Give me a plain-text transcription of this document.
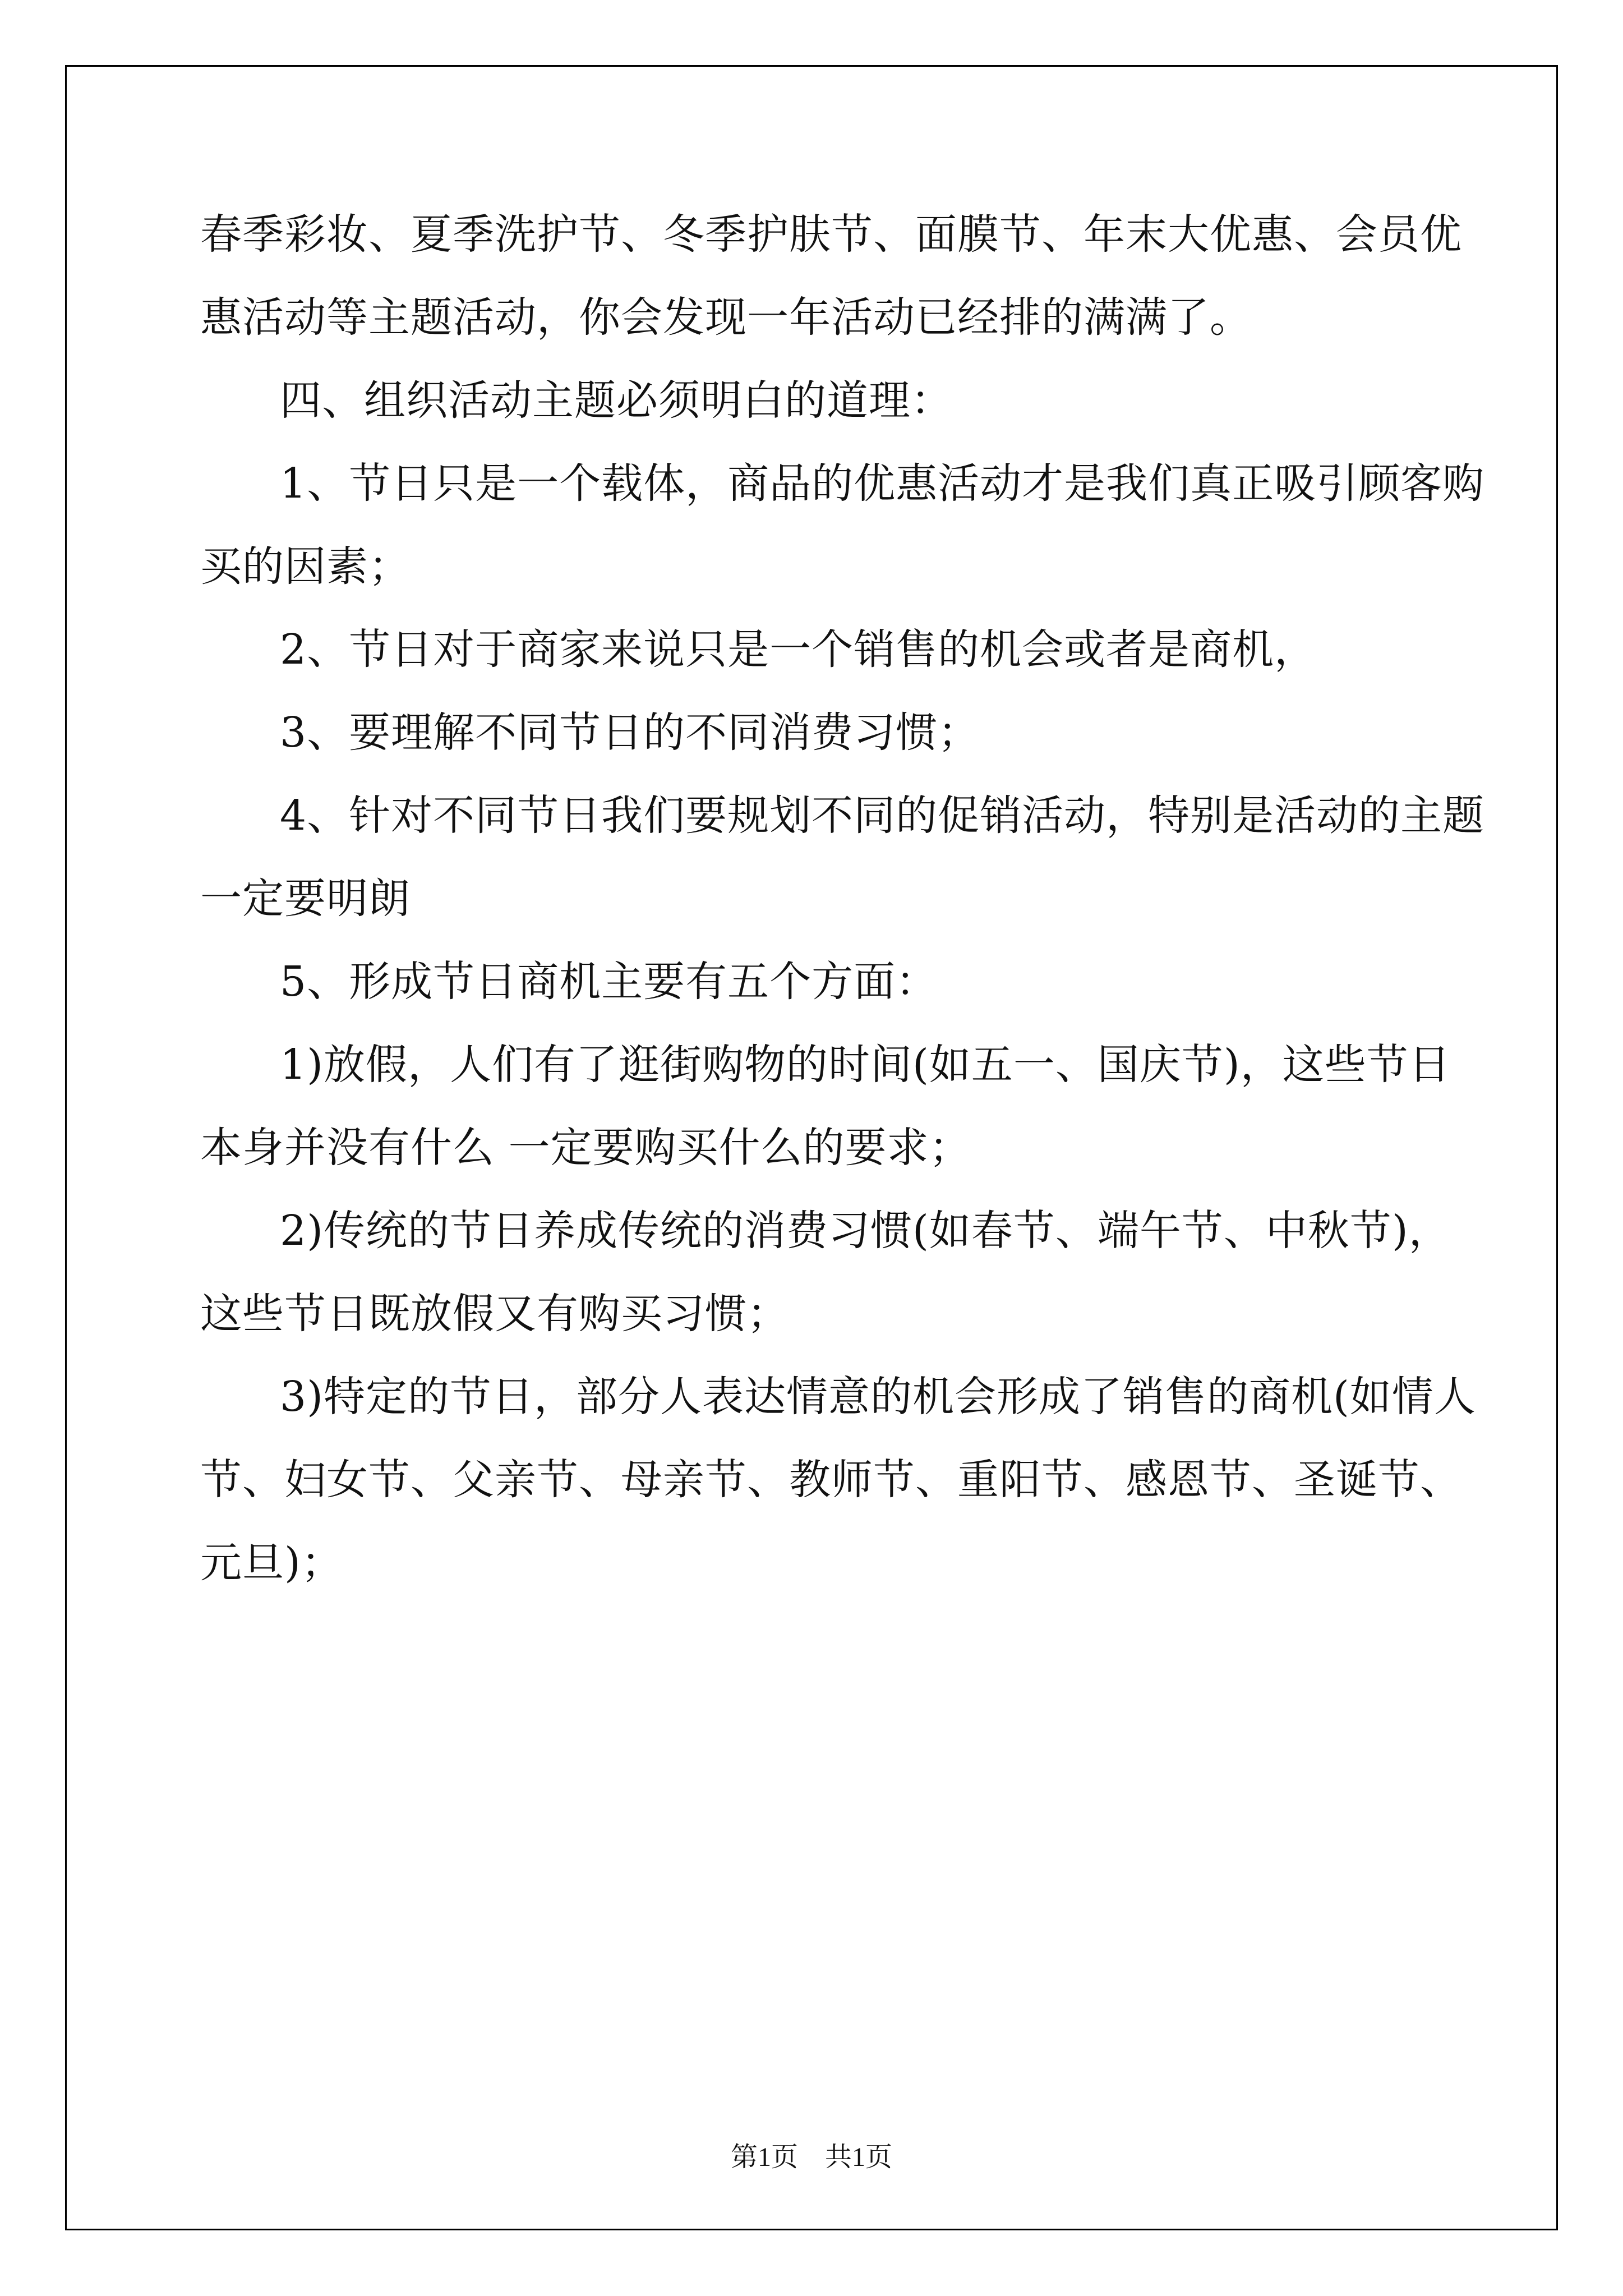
春季彩妆、夏季洗护节、冬季护肤节、面膜节、年末大优惠、会员优
惠活动等主题活动，你会发现一年活动已经排的满满了。
四、组织活动主题必须明白的道理：
1、节日只是一个载体，商品的优惠活动才是我们真正吸引顾客购
买的因素；
2、节日对于商家来说只是一个销售的机会或者是商机，
3、要理解不同节日的不同消费习惯；
4、针对不同节日我们要规划不同的促销活动，特别是活动的主题
一定要明朗
5、形成节日商机主要有五个方面：
1)放假，人们有了逛街购物的时间(如五一、国庆节)，这些节日
本身并没有什么 一定要购买什么的要求；
2)传统的节日养成传统的消费习惯(如春节、端午节、中秋节)，
这些节日既放假又有购买习惯；
3)特定的节日，部分人表达情意的机会形成了销售的商机(如情人
节、妇女节、父亲节、母亲节、教师节、重阳节、感恩节、圣诞节、
元旦)；
第1页　共1页
